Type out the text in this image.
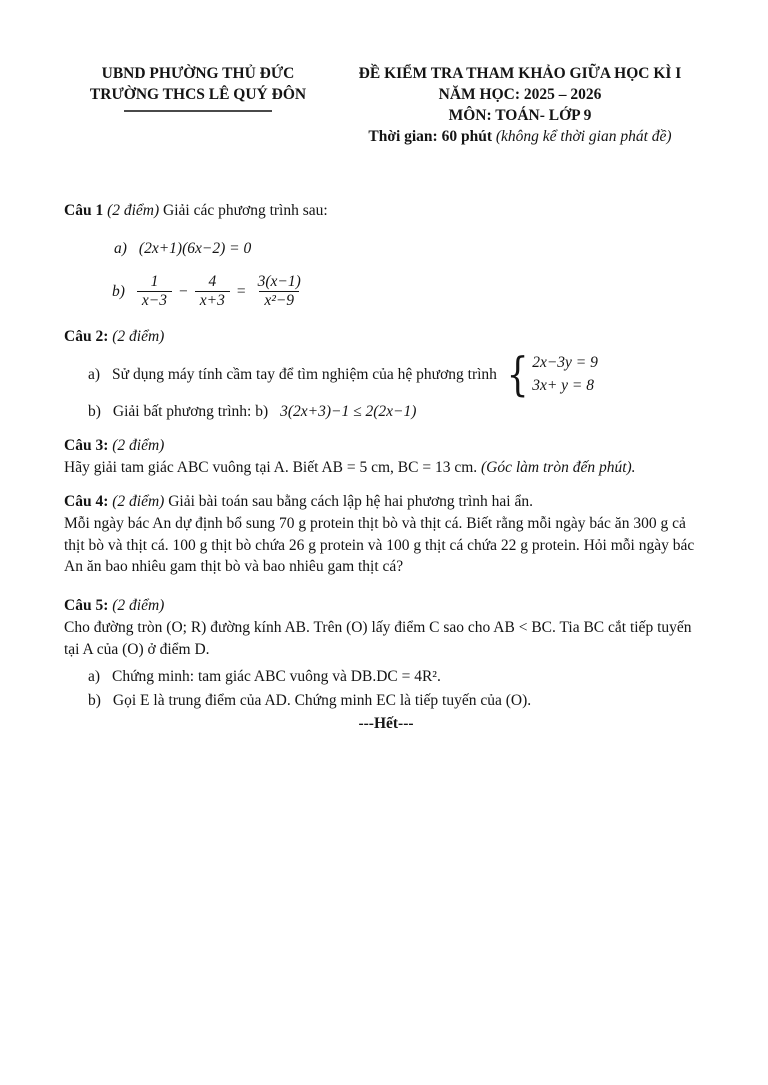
UBND PHƯỜNG THỦ ĐỨC
TRƯỜNG THCS LÊ QUÝ ĐÔN
ĐỀ KIỂM TRA THAM KHẢO GIỮA HỌC KÌ I
NĂM HỌC: 2025 – 2026
MÔN: TOÁN- LỚP 9
Thời gian: 60 phút (không kể thời gian phát đề)

Câu 1 (2 điểm) Giải các phương trình sau:

a) (2x+1)(6x−2) = 0
$b) \frac{1}{x-3} - \frac{4}{x+3} = \frac{3(x-1)}{\text{x²−9}}$

Câu 2: (2 điểm)

a) Sử dụng máy tính cầm tay để tìm nghiệm của hệ phương trình { 2x−3y = 9
3x+ y = 8
b) Giải bất phương trình: b) 3(2x+3)−1 ≤ 2(2x−1)

Câu 3: (2 điểm)

Hãy giải tam giác ABC vuông tại A. Biết AB = 5 cm, BC = 13 cm. (Góc làm tròn đến phút).

Câu 4: (2 điểm) Giải bài toán sau bằng cách lập hệ hai phương trình hai ẩn.

Mỗi ngày bác An dự định bổ sung 70 g protein thịt bò và thịt cá. Biết rằng mỗi ngày bác ăn 300 g cả thịt bò và thịt cá. 100 g thịt bò chứa 26 g protein và 100 g thịt cá chứa 22 g protein. Hỏi mỗi ngày bác An ăn bao nhiêu gam thịt bò và bao nhiêu gam thịt cá?

Câu 5: (2 điểm)

Cho đường tròn (O; R) đường kính AB. Trên (O) lấy điểm C sao cho AB < BC. Tia BC cắt tiếp tuyến tại A của (O) ở điểm D.

a) Chứng minh: tam giác ABC vuông và DB.DC = 4R².
b) Gọi E là trung điểm của AD. Chứng minh EC là tiếp tuyến của (O).

---Hết---
